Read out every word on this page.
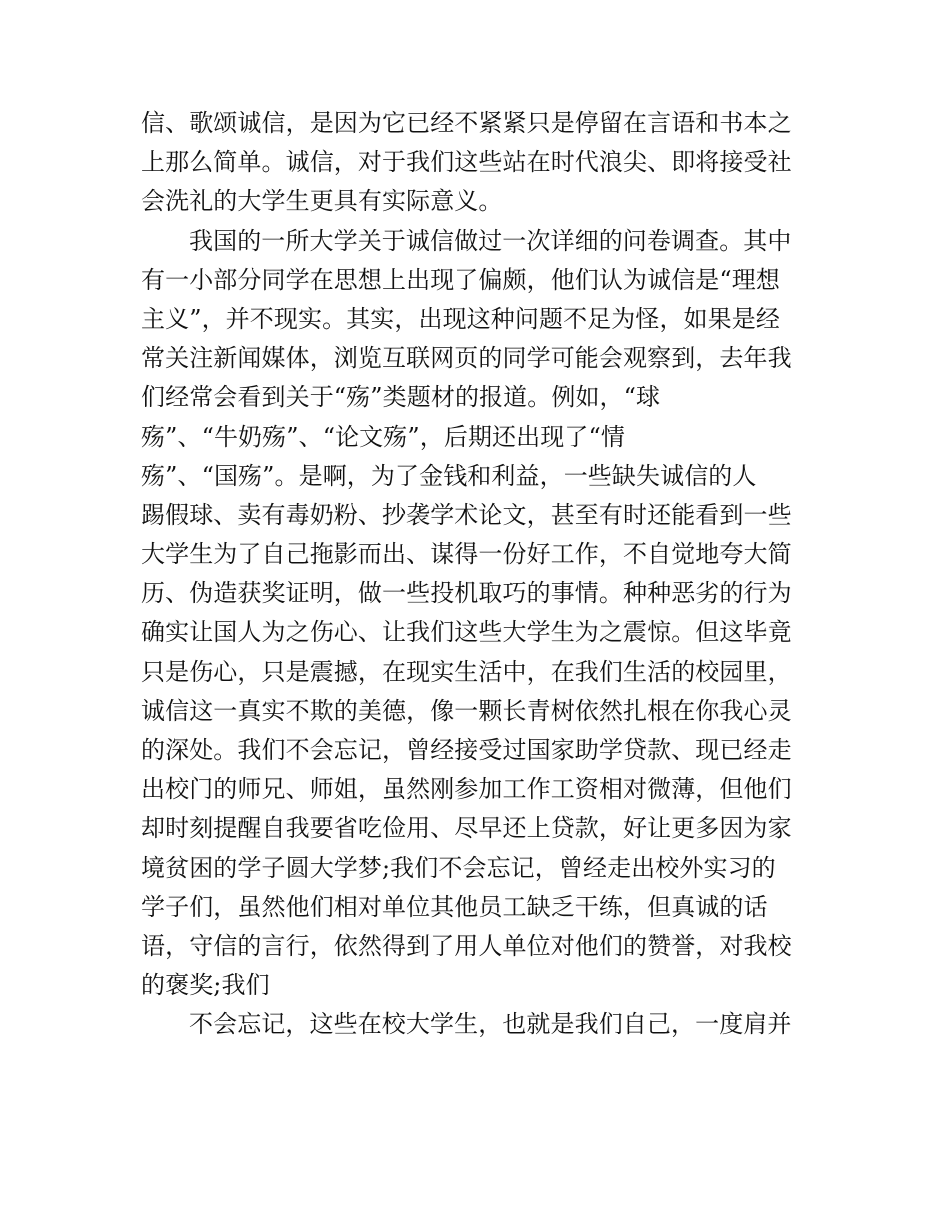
信、歌颂诚信，是因为它已经不紧紧只是停留在言语和书本之
上那么简单。诚信，对于我们这些站在时代浪尖、即将接受社
会洗礼的大学生更具有实际意义。
我国的一所大学关于诚信做过一次详细的问卷调查。其中
有一小部分同学在思想上出现了偏颇，他们认为诚信是“理想
主义”，并不现实。其实，出现这种问题不足为怪，如果是经
常关注新闻媒体，浏览互联网页的同学可能会观察到，去年我
们经常会看到关于“殇”类题材的报道。例如，“球
殇”、“牛奶殇”、“论文殇”，后期还出现了“情
殇”、“国殇”。是啊，为了金钱和利益，一些缺失诚信的人
踢假球、卖有毒奶粉、抄袭学术论文，甚至有时还能看到一些
大学生为了自己拖影而出、谋得一份好工作，不自觉地夸大简
历、伪造获奖证明，做一些投机取巧的事情。种种恶劣的行为
确实让国人为之伤心、让我们这些大学生为之震惊。但这毕竟
只是伤心，只是震撼，在现实生活中，在我们生活的校园里，
诚信这一真实不欺的美德，像一颗长青树依然扎根在你我心灵
的深处。我们不会忘记，曾经接受过国家助学贷款、现已经走
出校门的师兄、师姐，虽然刚参加工作工资相对微薄，但他们
却时刻提醒自我要省吃俭用、尽早还上贷款，好让更多因为家
境贫困的学子圆大学梦;我们不会忘记，曾经走出校外实习的
学子们，虽然他们相对单位其他员工缺乏干练，但真诚的话
语，守信的言行，依然得到了用人单位对他们的赞誉，对我校
的褒奖;我们
不会忘记，这些在校大学生，也就是我们自己，一度肩并
